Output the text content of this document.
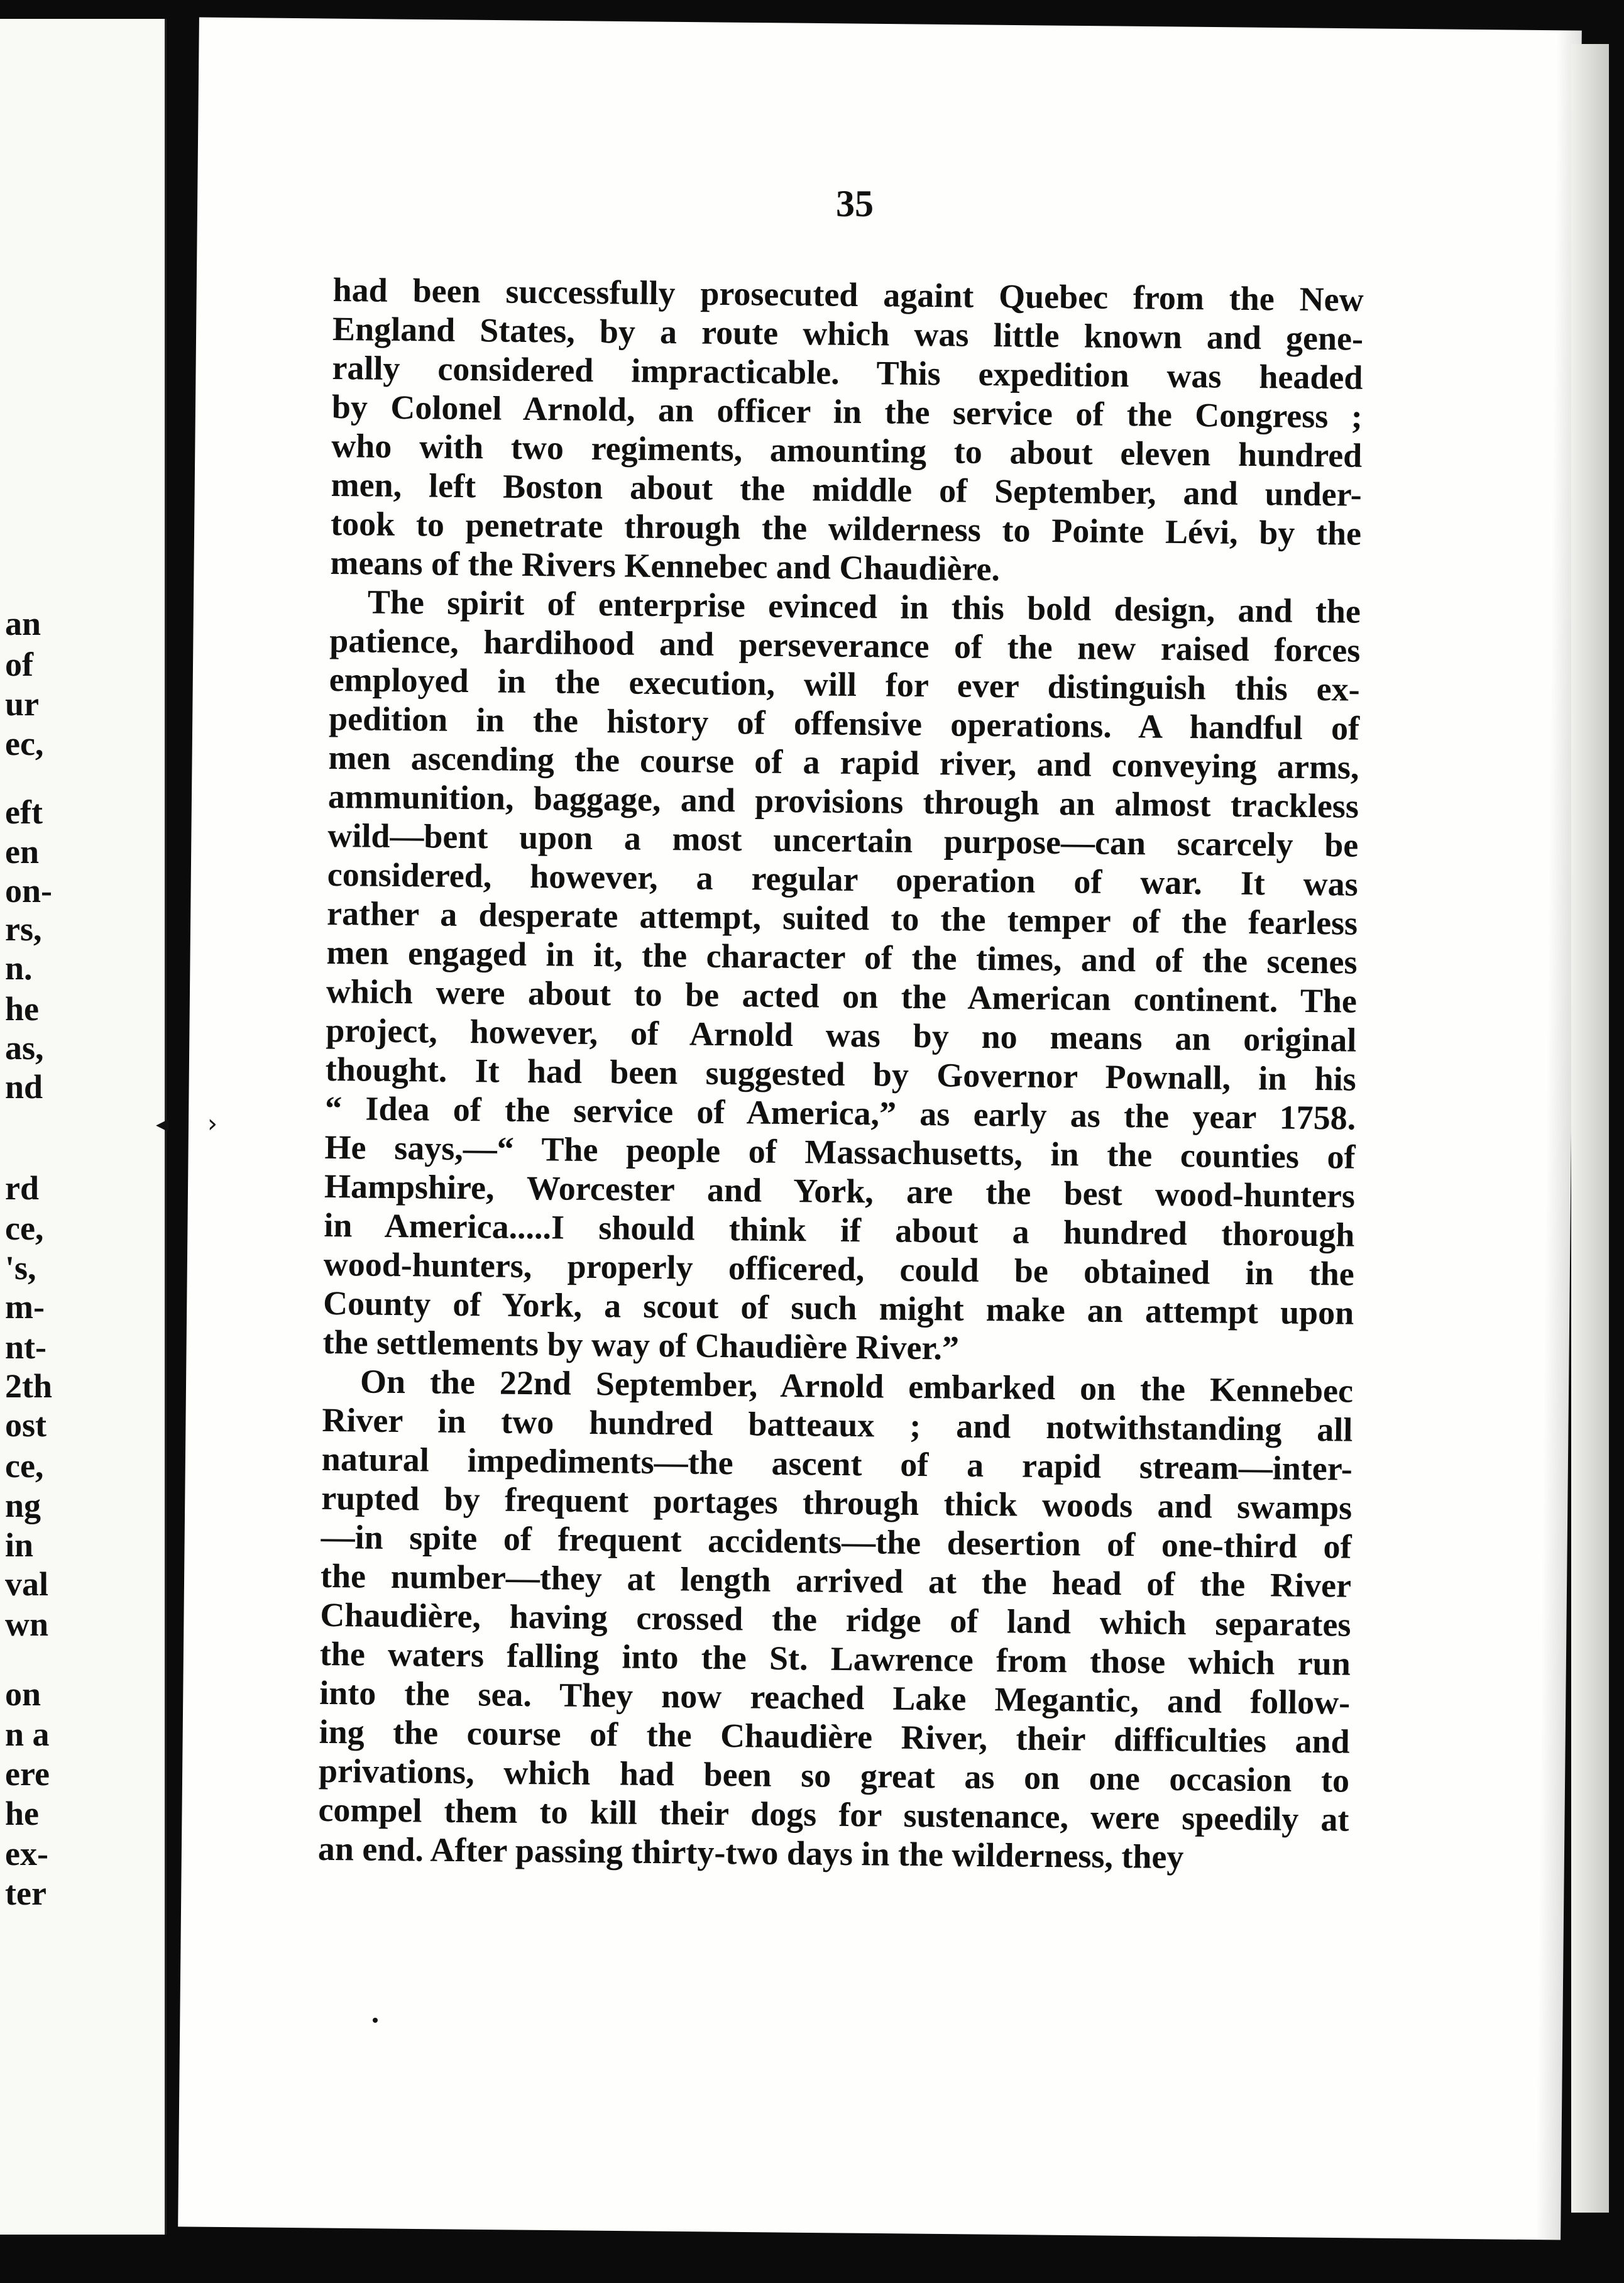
an
of
ur
ec,
eft
en
on-
rs,
n.
he
as,
nd
rd
ce,
's,
m-
nt-
2th
ost
ce,
ng
in
val
wn
on
n a
ere
he
ex-
ter
35
◂ ›
had been successfully prosecuted againt Quebec from the New
England States, by a route which was little known and gene-
rally considered impracticable. This expedition was headed
by Colonel Arnold, an officer in the service of the Congress ;
who with two regiments, amounting to about eleven hundred
men, left Boston about the middle of September, and under-
took to penetrate through the wilderness to Pointe Lévi, by the
means of the Rivers Kennebec and Chaudière.
The spirit of enterprise evinced in this bold design, and the
patience, hardihood and perseverance of the new raised forces
employed in the execution, will for ever distinguish this ex-
pedition in the history of offensive operations. A handful of
men ascending the course of a rapid river, and conveying arms,
ammunition, baggage, and provisions through an almost trackless
wild—bent upon a most uncertain purpose—can scarcely be
considered, however, a regular operation of war. It was
rather a desperate attempt, suited to the temper of the fearless
men engaged in it, the character of the times, and of the scenes
which were about to be acted on the American continent. The
project, however, of Arnold was by no means an original
thought. It had been suggested by Governor Pownall, in his
“ Idea of the service of America,” as early as the year 1758.
He says,—“ The people of Massachusetts, in the counties of
Hampshire, Worcester and York, are the best wood-hunters
in America.....I should think if about a hundred thorough
wood-hunters, properly officered, could be obtained in the
County of York, a scout of such might make an attempt upon
the settlements by way of Chaudière River.”
On the 22nd September, Arnold embarked on the Kennebec
River in two hundred batteaux ; and notwithstanding all
natural impediments—the ascent of a rapid stream—inter-
rupted by frequent portages through thick woods and swamps
—in spite of frequent accidents—the desertion of one-third of
the number—they at length arrived at the head of the River
Chaudière, having crossed the ridge of land which separates
the waters falling into the St. Lawrence from those which run
into the sea. They now reached Lake Megantic, and follow-
ing the course of the Chaudière River, their difficulties and
privations, which had been so great as on one occasion to
compel them to kill their dogs for sustenance, were speedily at
an end. After passing thirty-two days in the wilderness, they
